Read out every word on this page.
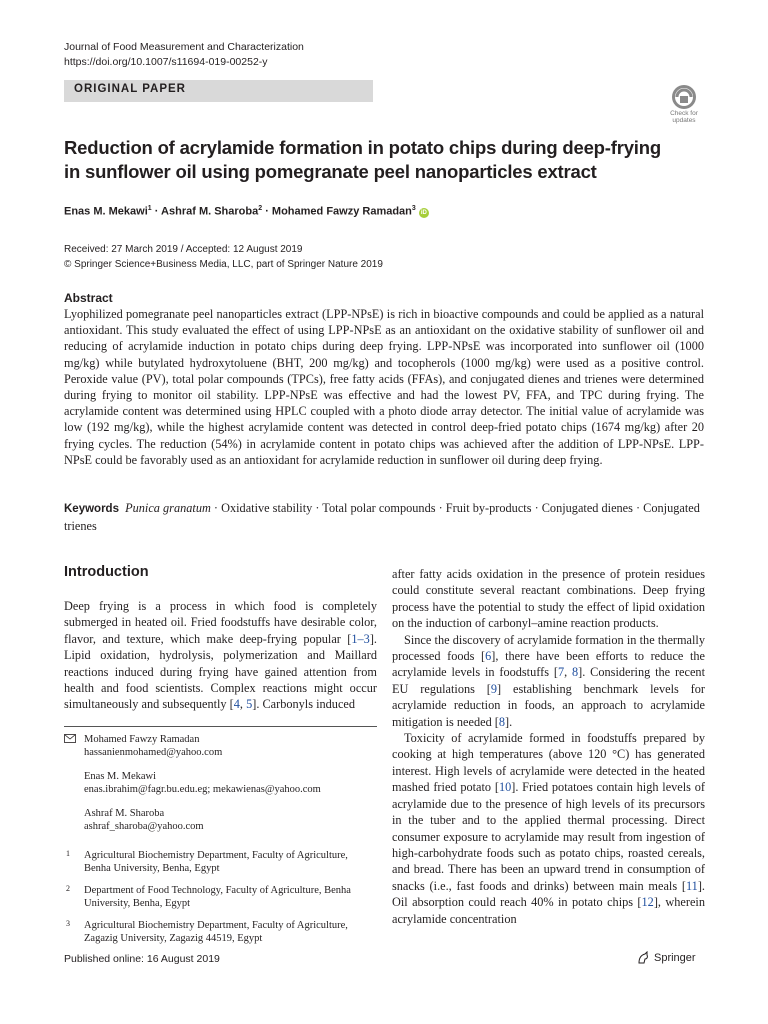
Journal of Food Measurement and Characterization
https://doi.org/10.1007/s11694-019-00252-y
ORIGINAL PAPER
Check for
updates
Reduction of acrylamide formation in potato chips during deep-frying in sunflower oil using pomegranate peel nanoparticles extract
Enas M. Mekawi$^1$ · Ashraf M. Sharoba$^2$ · Mohamed Fawzy Ramadan$^3$ iD
Received: 27 March 2019 / Accepted: 12 August 2019
© Springer Science+Business Media, LLC, part of Springer Nature 2019
Abstract
Lyophilized pomegranate peel nanoparticles extract (LPP-NPsE) is rich in bioactive compounds and could be applied as a natural antioxidant. This study evaluated the effect of using LPP-NPsE as an antioxidant on the oxidative stability of sunflower oil and reducing of acrylamide induction in potato chips during deep frying. LPP-NPsE was incorporated into sunflower oil (1000 mg/kg) while butylated hydroxytoluene (BHT, 200 mg/kg) and tocopherols (1000 mg/kg) were used as a positive control. Peroxide value (PV), total polar compounds (TPCs), free fatty acids (FFAs), and conjugated dienes and trienes were determined during frying to monitor oil stability. LPP-NPsE was effective and had the lowest PV, FFA, and TPC during frying. The acrylamide content was determined using HPLC coupled with a photo diode array detector. The initial value of acrylamide was low (192 mg/kg), while the highest acrylamide content was detected in control deep-fried potato chips (1674 mg/kg) after 20 frying cycles. The reduction (54%) in acrylamide content in potato chips was achieved after the addition of LPP-NPsE. LPP-NPsE could be favorably used as an antioxidant for acrylamide reduction in sunflower oil during deep frying.
Keywords Punica granatum · Oxidative stability · Total polar compounds · Fruit by-products · Conjugated dienes · Conjugated trienes
Introduction

Deep frying is a process in which food is completely submerged in heated oil. Fried foodstuffs have desirable color, flavor, and texture, which make deep-frying popular [1–3]. Lipid oxidation, hydrolysis, polymerization and Maillard reactions induced during frying have gained attention from health and food scientists. Complex reactions might occur simultaneously and subsequently [4, 5]. Carbonyls induced

Mohamed Fawzy Ramadan
hassanienmohamed@yahoo.com
Enas M. Mekawi
enas.ibrahim@fagr.bu.edu.eg; mekawienas@yahoo.com
Ashraf M. Sharoba
ashraf_sharoba@yahoo.com
1 Agricultural Biochemistry Department, Faculty of Agriculture, Benha University, Benha, Egypt
2 Department of Food Technology, Faculty of Agriculture, Benha University, Benha, Egypt
3 Agricultural Biochemistry Department, Faculty of Agriculture, Zagazig University, Zagazig 44519, Egypt

after fatty acids oxidation in the presence of protein residues could constitute several reactant combinations. Deep frying process have the potential to study the effect of lipid oxidation on the induction of carbonyl–amine reaction products.

Since the discovery of acrylamide formation in the thermally processed foods [6], there have been efforts to reduce the acrylamide levels in foodstuffs [7, 8]. Considering the recent EU regulations [9] establishing benchmark levels for acrylamide reduction in foods, an approach to acrylamide mitigation is needed [8].

Toxicity of acrylamide formed in foodstuffs prepared by cooking at high temperatures (above 120 °C) has generated interest. High levels of acrylamide were detected in the heated mashed fried potato [10]. Fried potatoes contain high levels of acrylamide due to the presence of high levels of its precursors in the tuber and to the applied thermal processing. Direct consumer exposure to acrylamide may result from ingestion of high-carbohydrate foods such as potato chips, roasted cereals, and bread. There has been an upward trend in consumption of snacks (i.e., fast foods and drinks) between main meals [11]. Oil absorption could reach 40% in potato chips [12], wherein acrylamide concentration

Published online: 16 August 2019	Springer
